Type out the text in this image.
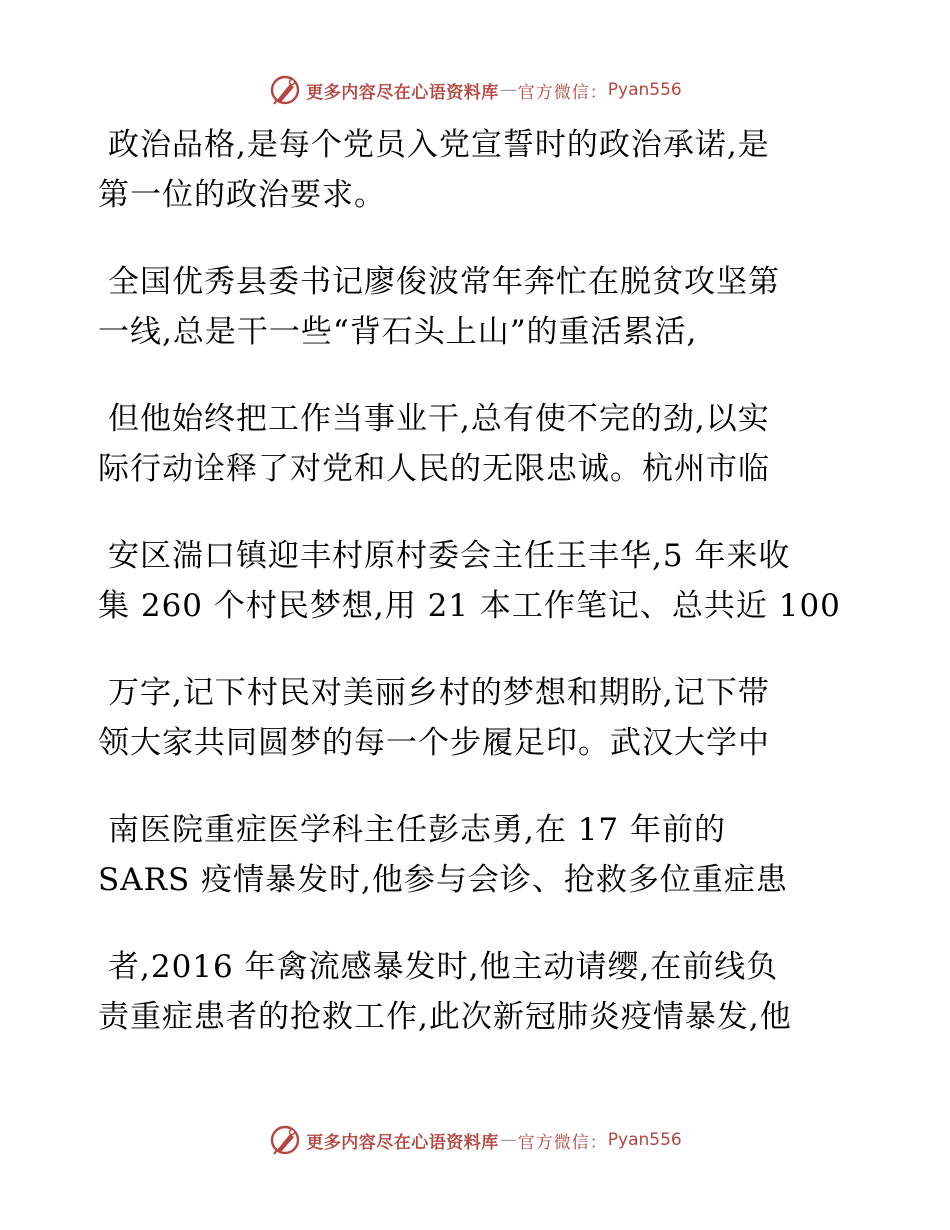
更多内容尽在心语资料库 — 官方微信： Pyan556
政治品格,是每个党员入党宣誓时的政治承诺,是
第一位的政治要求。
全国优秀县委书记廖俊波常年奔忙在脱贫攻坚第
一线,总是干一些“背石头上山”的重活累活,
但他始终把工作当事业干,总有使不完的劲,以实
际行动诠释了对党和人民的无限忠诚。杭州市临
安区湍口镇迎丰村原村委会主任王丰华,5 年来收
集 260 个村民梦想,用 21 本工作笔记、总共近 100
万字,记下村民对美丽乡村的梦想和期盼,记下带
领大家共同圆梦的每一个步履足印。武汉大学中
南医院重症医学科主任彭志勇,在 17 年前的
SARS 疫情暴发时,他参与会诊、抢救多位重症患
者,2016 年禽流感暴发时,他主动请缨,在前线负
责重症患者的抢救工作,此次新冠肺炎疫情暴发,他
更多内容尽在心语资料库 — 官方微信： Pyan556
